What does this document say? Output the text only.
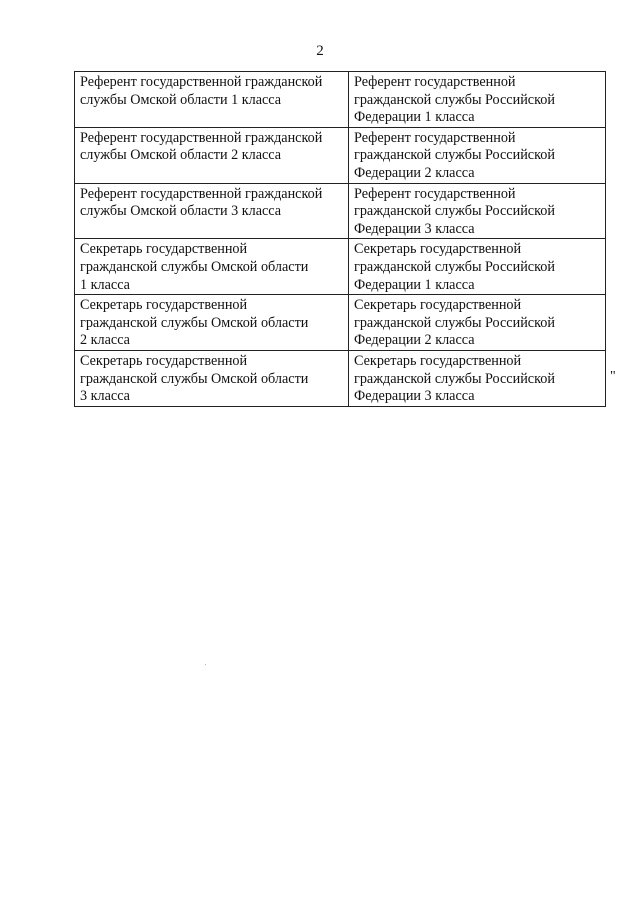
2
Референт государственной гражданской
службы Омской области 1 класса	Референт государственной
гражданской службы Российской
Федерации 1 класса

Референт государственной гражданской
службы Омской области 2 класса	Референт государственной
гражданской службы Российской
Федерации 2 класса

Референт государственной гражданской
службы Омской области 3 класса	Референт государственной
гражданской службы Российской
Федерации 3 класса

Секретарь государственной
гражданской службы Омской области
1 класса	Секретарь государственной
гражданской службы Российской
Федерации 1 класса

Секретарь государственной
гражданской службы Омской области
2 класса	Секретарь государственной
гражданской службы Российской
Федерации 2 класса

Секретарь государственной
гражданской службы Омской области
3 класса	Секретарь государственной
гражданской службы Российской
Федерации 3 класса
"
